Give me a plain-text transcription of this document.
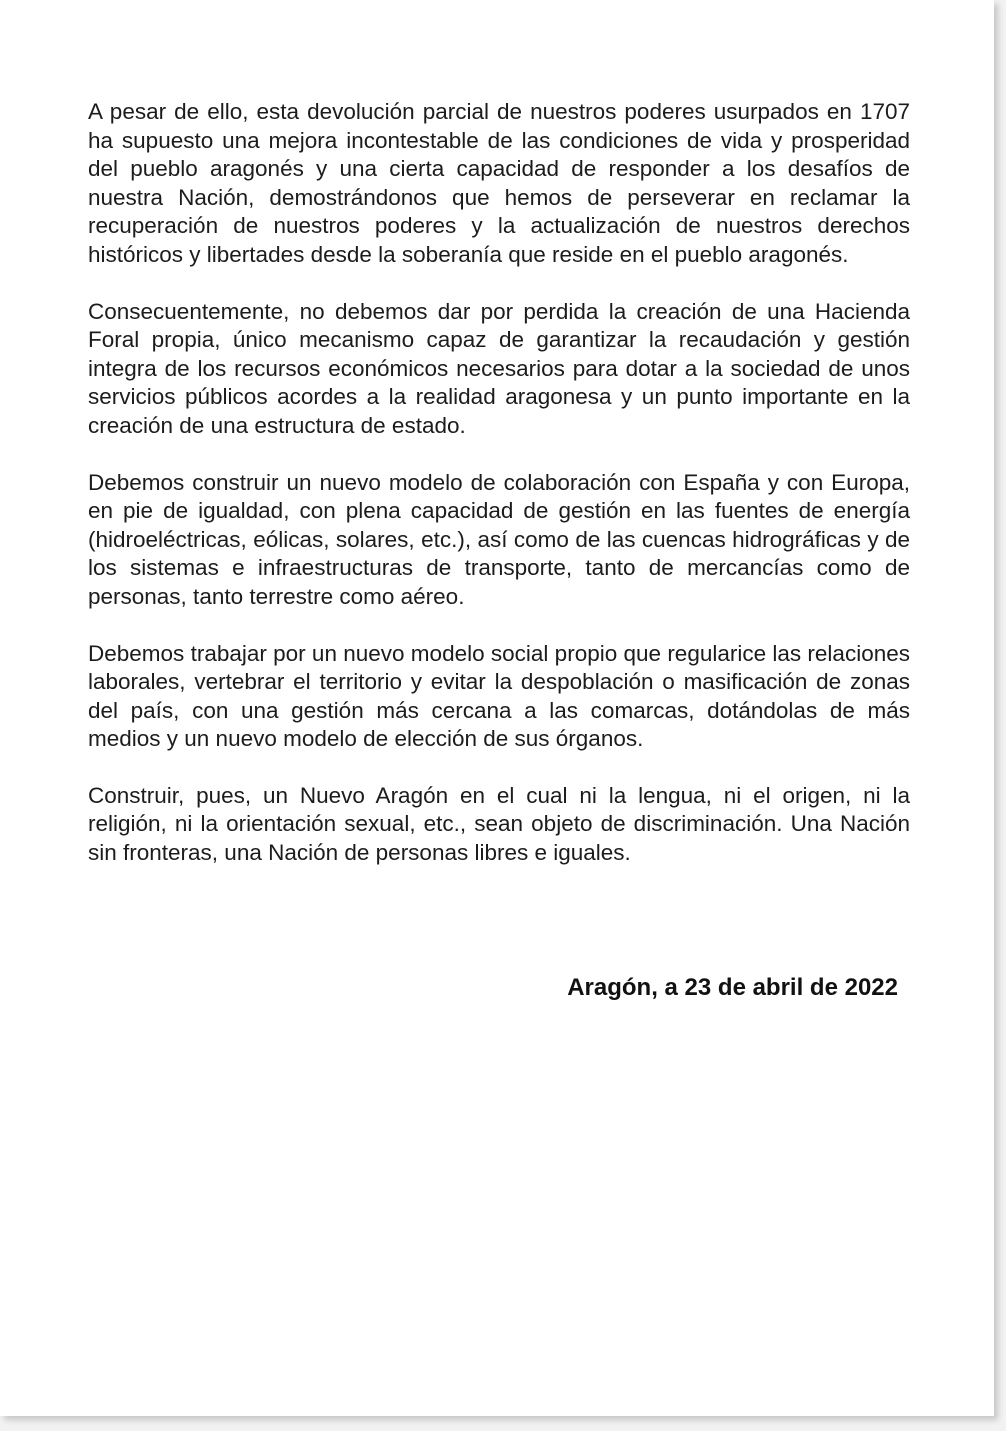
A pesar de ello, esta devolución parcial de nuestros poderes usurpados en 1707 ha supuesto una mejora incontestable de las condiciones de vida y prosperidad del pueblo aragonés y una cierta capacidad de responder a los desafíos de nuestra Nación, demostrándonos que hemos de perseverar en reclamar la recuperación de nuestros poderes y la actualización de nuestros derechos históricos y libertades desde la soberanía que reside en el pueblo aragonés.

Consecuentemente, no debemos dar por perdida la creación de una Hacienda Foral propia, único mecanismo capaz de garantizar la recaudación y gestión integra de los recursos económicos necesarios para dotar a la sociedad de unos servicios públicos acordes a la realidad aragonesa y un punto importante en la creación de una estructura de estado.

Debemos construir un nuevo modelo de colaboración con España y con Europa, en pie de igualdad, con plena capacidad de gestión en las fuentes de energía (hidroeléctricas, eólicas, solares, etc.), así como de las cuencas hidrográficas y de los sistemas e infraestructuras de transporte, tanto de mercancías como de personas, tanto terrestre como aéreo.

Debemos trabajar por un nuevo modelo social propio que regularice las relaciones laborales, vertebrar el territorio y evitar la despoblación o masificación de zonas del país, con una gestión más cercana a las comarcas, dotándolas de más medios y un nuevo modelo de elección de sus órganos.

Construir, pues, un Nuevo Aragón en el cual ni la lengua, ni el origen, ni la religión, ni la orientación sexual, etc., sean objeto de discriminación. Una Nación sin fronteras, una Nación de personas libres e iguales.

Aragón, a 23 de abril de 2022
